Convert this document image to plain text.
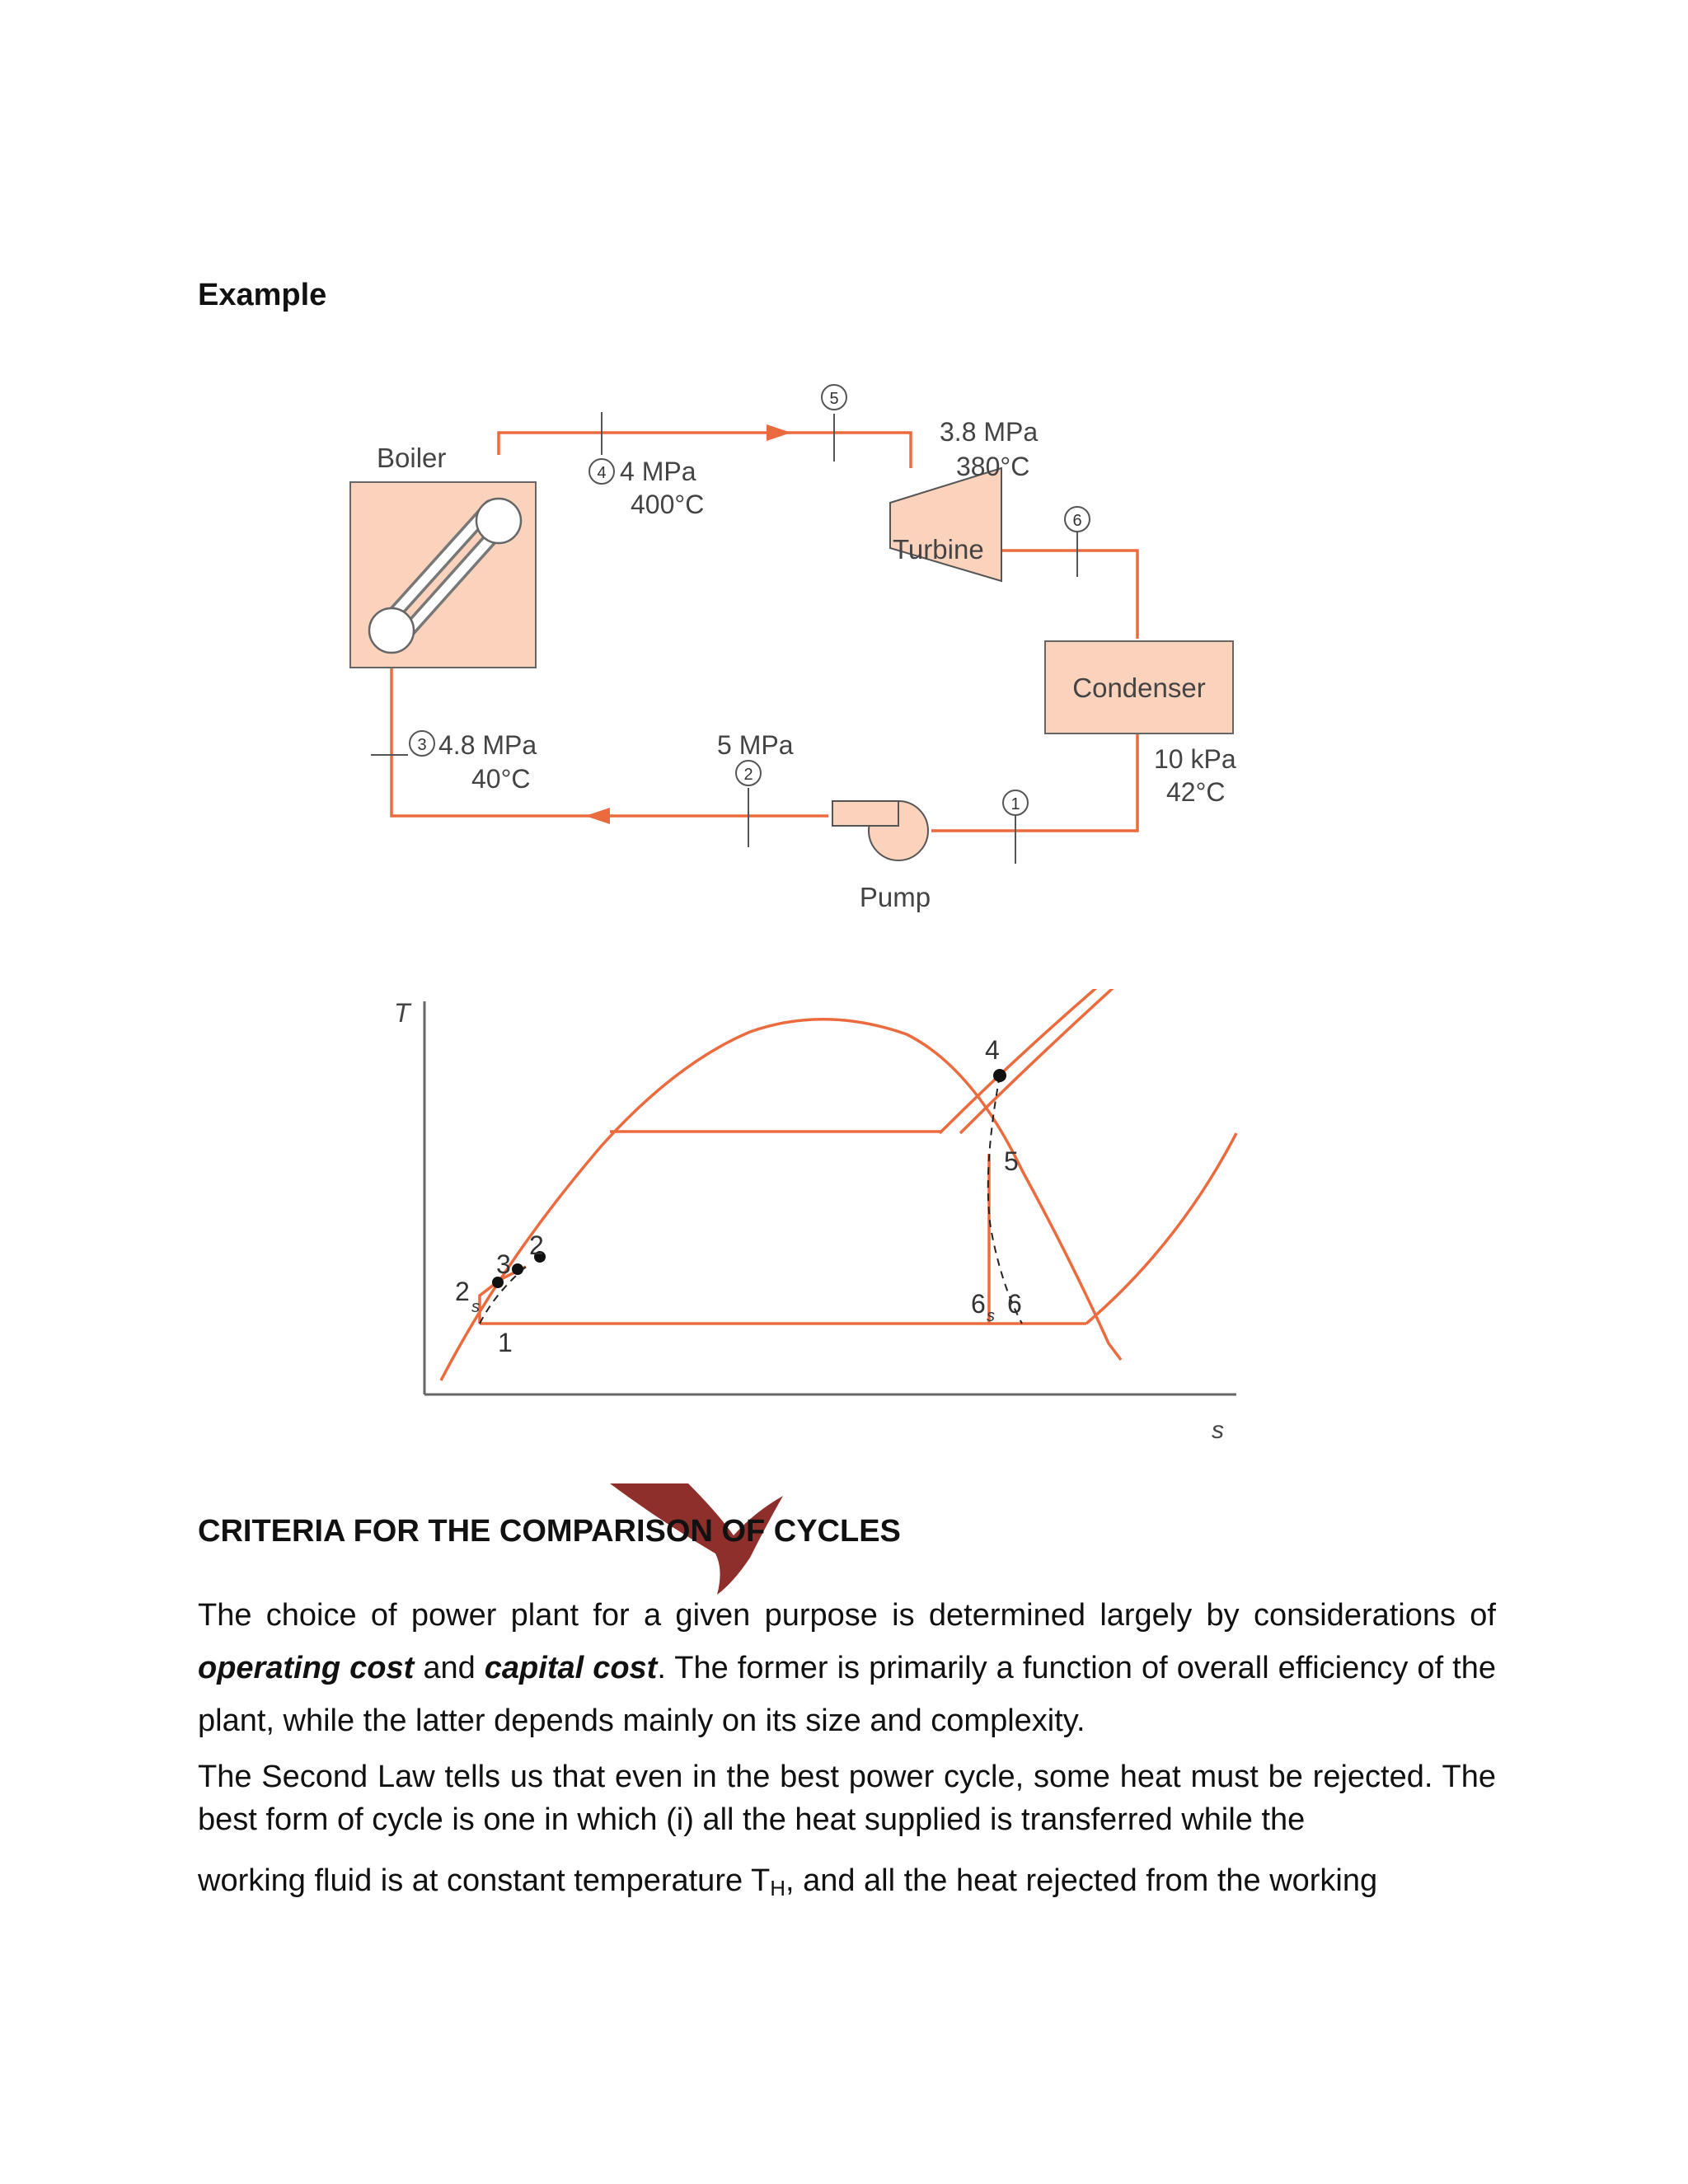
Example
Boiler
Turbine
Condenser
Pump
1
2
3
4
5
6
4 MPa
400°C
3.8 MPa
380°C
4.8 MPa
40°C
5 MPa	10 kPa
42°C
T
s
1
2
s
3
2
4
5
6 s 6
CRITERIA FOR THE COMPARISON OF CYCLES
The choice of power plant for a given purpose is determined largely by considerations of operating cost and capital cost. The former is primarily a function of overall efficiency of the plant, while the latter depends mainly on its size and complexity.
The Second Law tells us that even in the best power cycle, some heat must be rejected. The best form of cycle is one in which (i) all the heat supplied is transferred while the
working fluid is at constant temperature $T_H$, and all the heat rejected from the working
